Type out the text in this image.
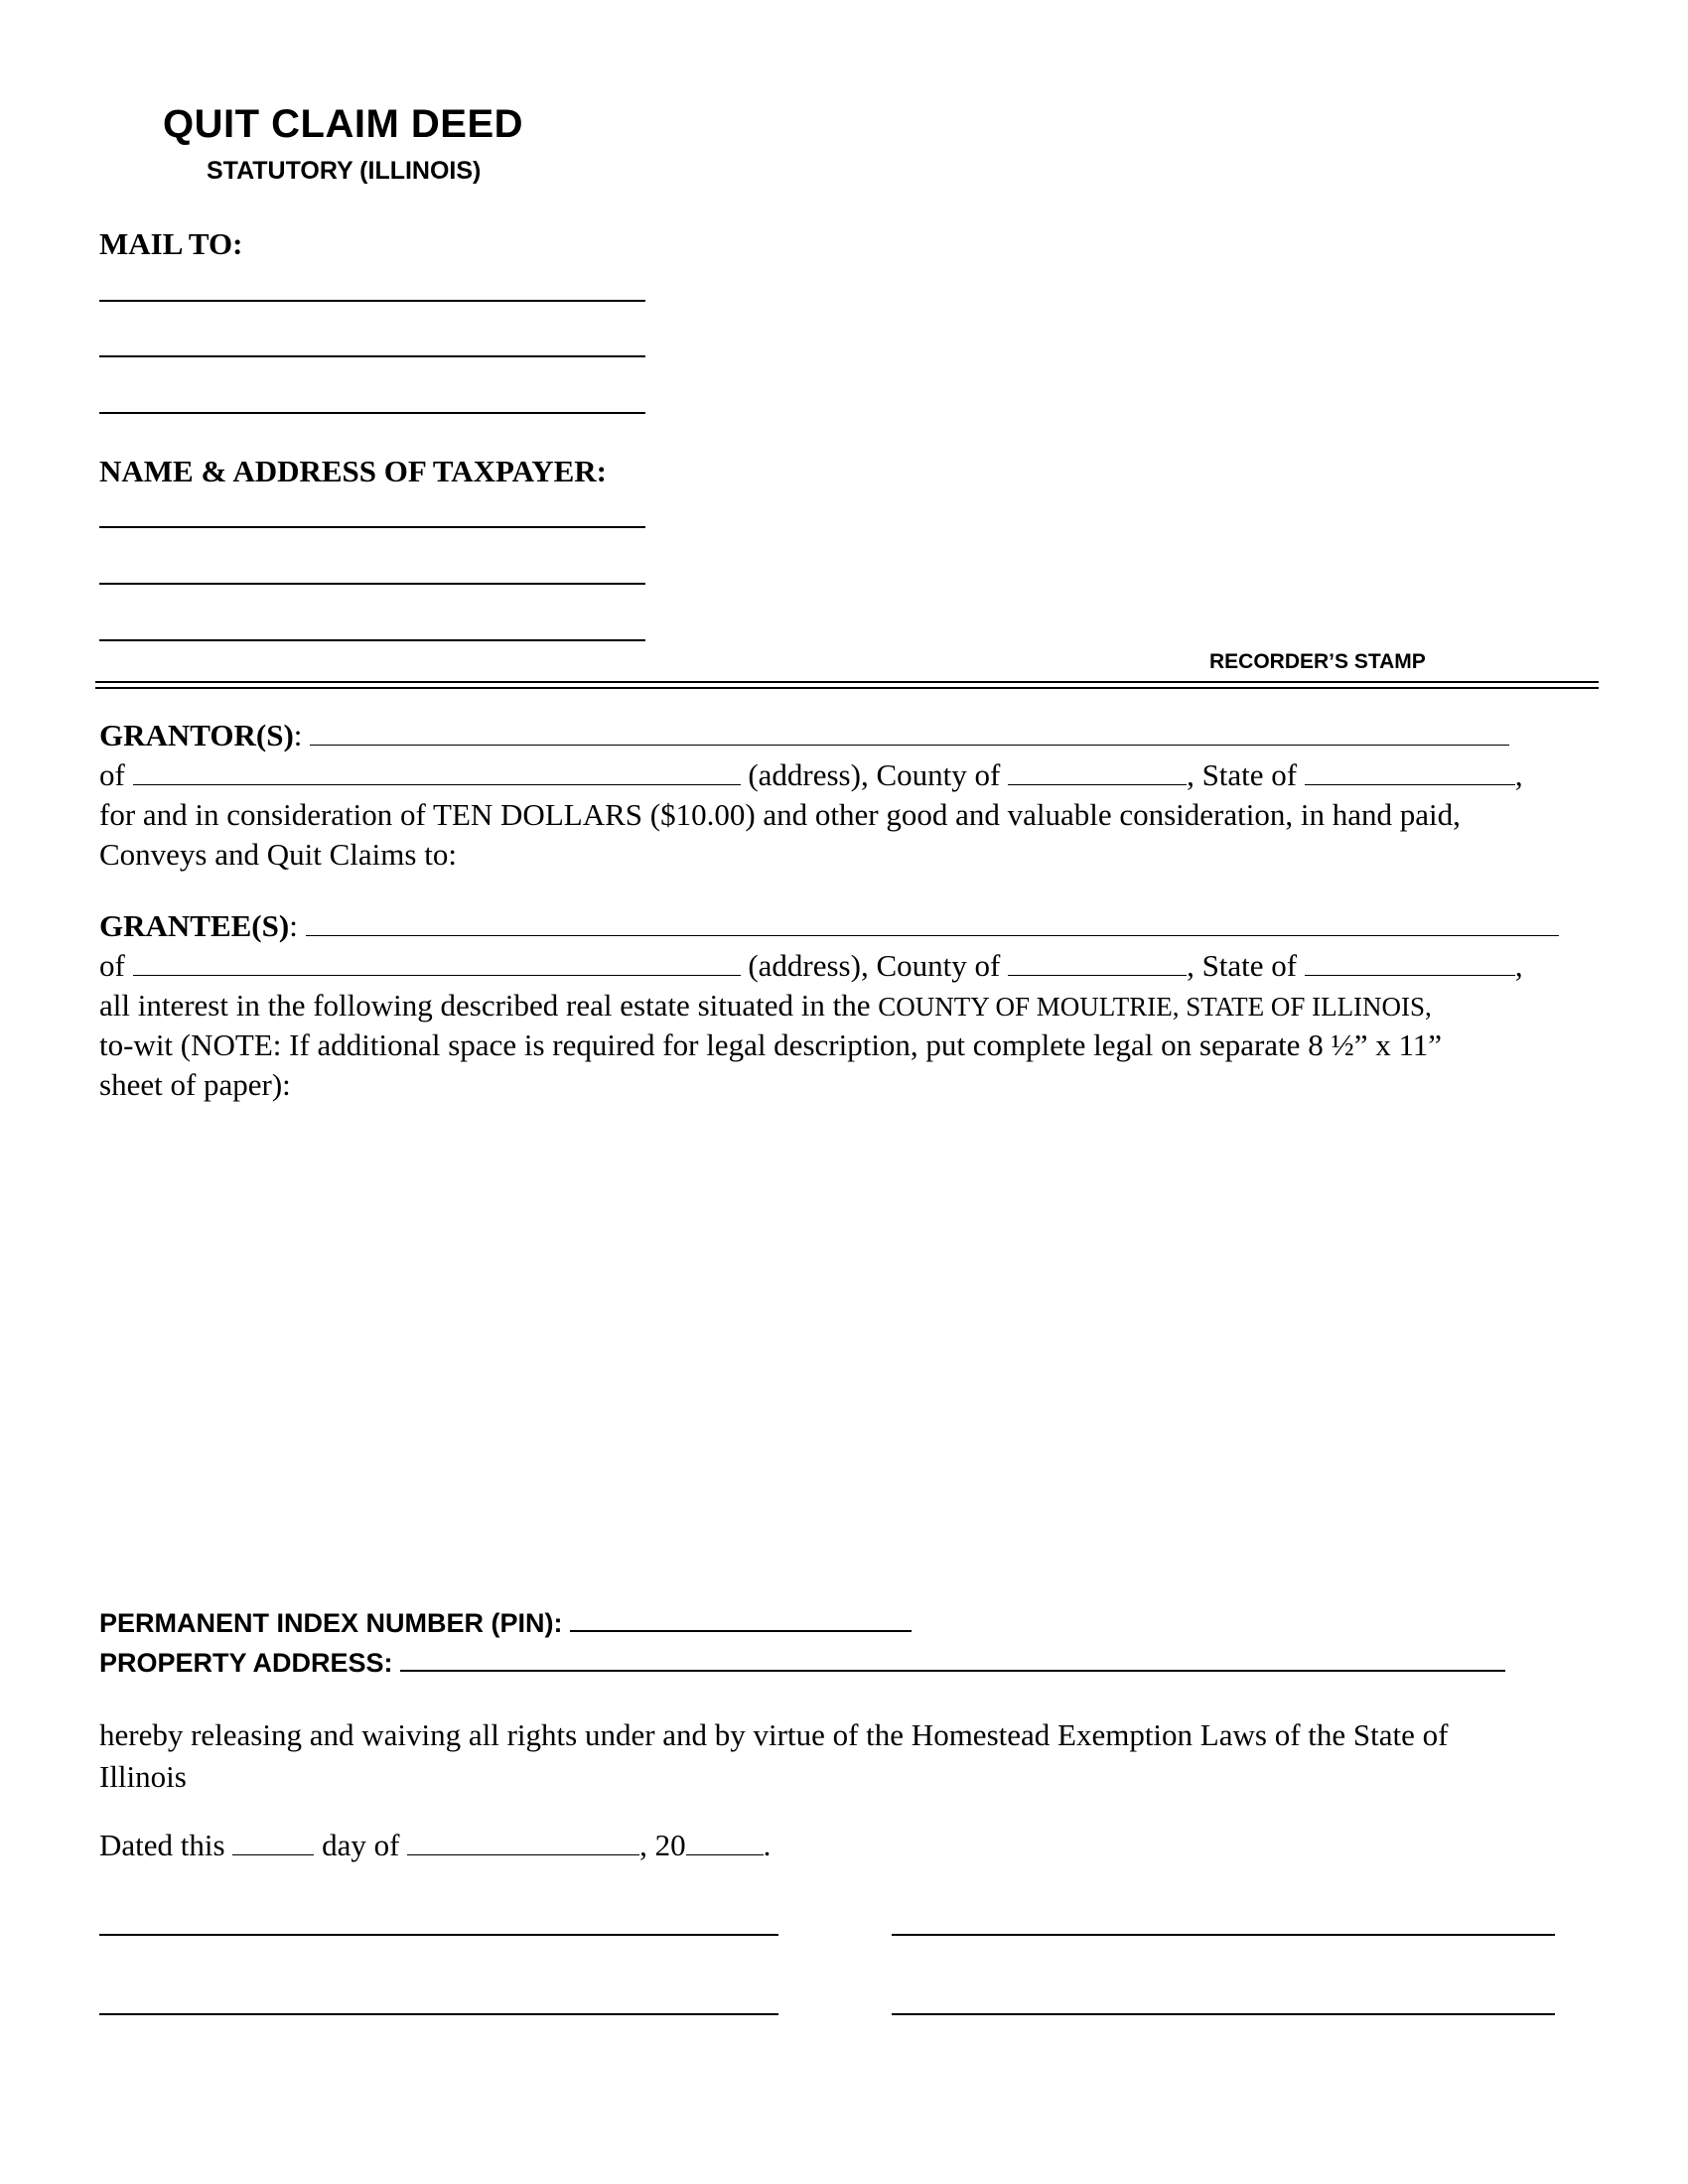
QUIT CLAIM DEED
STATUTORY (ILLINOIS)
MAIL TO:
NAME & ADDRESS OF TAXPAYER:
RECORDER’S STAMP
GRANTOR(S):
of	(address), County of	, State of	,
for and in consideration of TEN DOLLARS ($10.00) and other good and valuable consideration, in hand paid,
Conveys and Quit Claims to:
GRANTEE(S):
of	(address), County of	, State of	,
all interest in the following described real estate situated in the COUNTY OF MOULTRIE, STATE OF ILLINOIS,
to-wit (NOTE: If additional space is required for legal description, put complete legal on separate 8 ½” x 11”
sheet of paper):
PERMANENT INDEX NUMBER (PIN):
PROPERTY ADDRESS:
hereby releasing and waiving all rights under and by virtue of the Homestead Exemption Laws of the State of
Illinois
Dated this	day of	, 20	.
